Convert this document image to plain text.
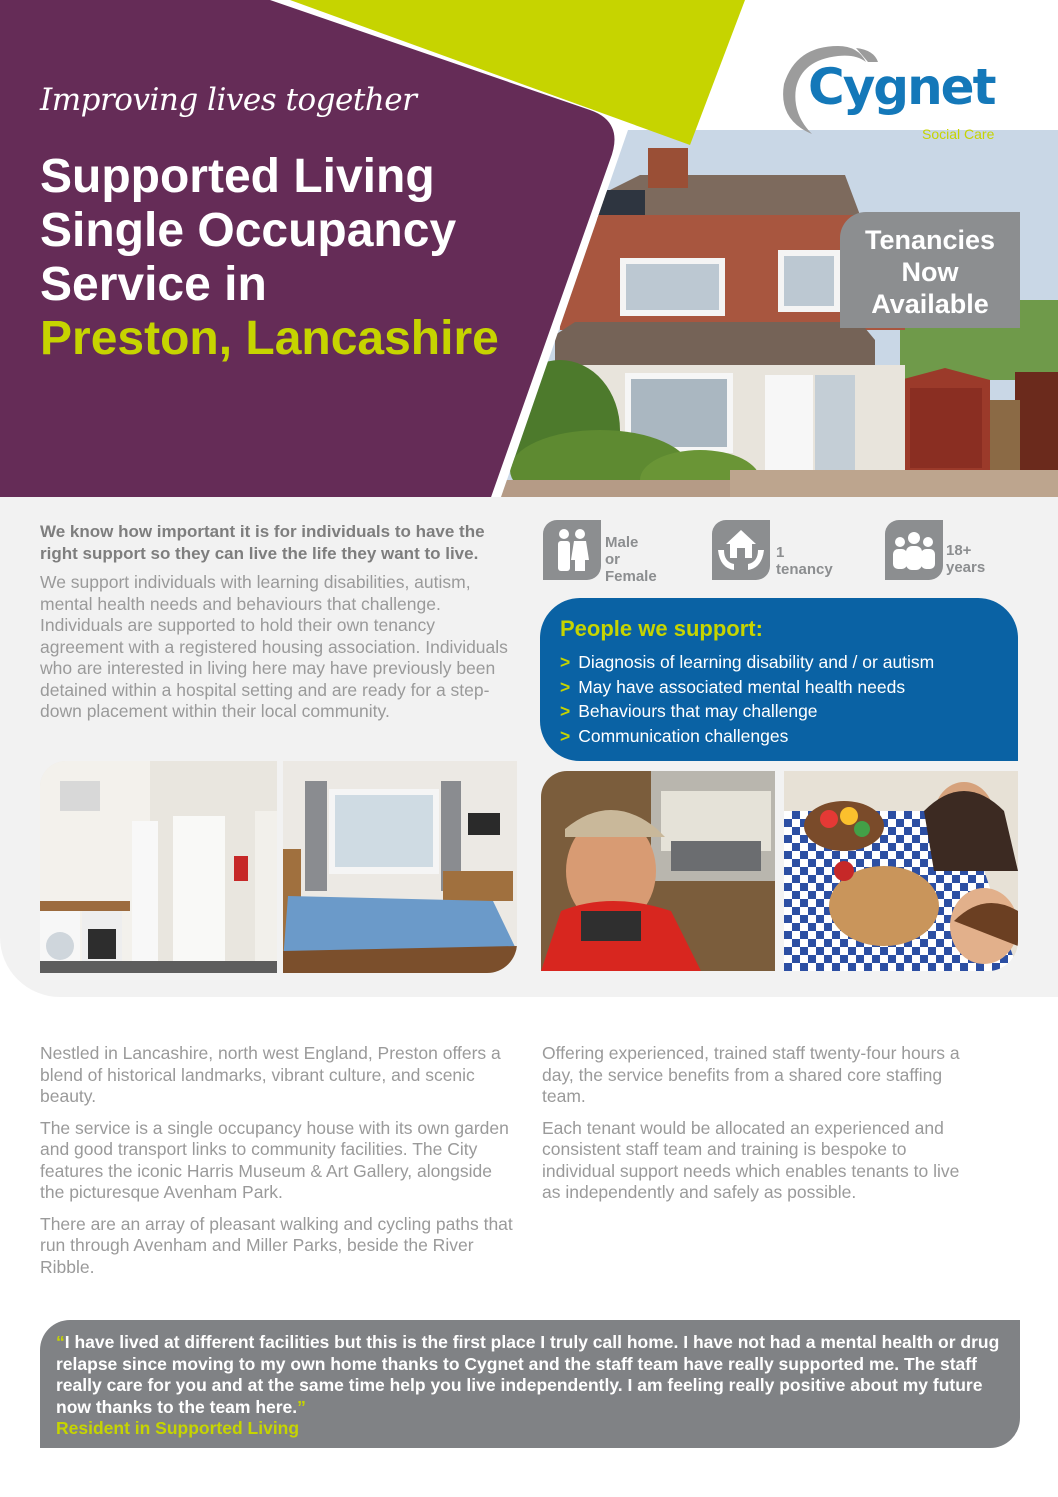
Improving lives together
Supported Living
Single Occupancy
Service in
Preston, Lancashire
Cygnet
Social Care
Tenancies
Now
Available

We know how important it is for individuals to have the right support so they can live the life they want to live.

We support individuals with learning disabilities, autism, mental health needs and behaviours that challenge. Individuals are supported to hold their own tenancy agreement with a registered housing association. Individuals who are interested in living here may have previously been detained within a hospital setting and are ready for a step-down placement within their local community.

Male or
Female
1 tenancy
18+ years
People we support:
> Diagnosis of learning disability and / or autism
> May have associated mental health needs
> Behaviours that may challenge
> Communication challenges

Nestled in Lancashire, north west England, Preston offers a blend of historical landmarks, vibrant culture, and scenic beauty.

The service is a single occupancy house with its own garden and good transport links to community facilities. The City features the iconic Harris Museum & Art Gallery, alongside the picturesque Avenham Park.

There are an array of pleasant walking and cycling paths that run through Avenham and Miller Parks, beside the River Ribble.

Offering experienced, trained staff twenty-four hours a day, the service benefits from a shared core staffing team.

Each tenant would be allocated an experienced and consistent staff team and training is bespoke to individual support needs which enables tenants to live as independently and safely as possible.

“I have lived at different facilities but this is the first place I truly call home. I have not had a mental health or drug relapse since moving to my own home thanks to Cygnet and the staff team have really supported me. The staff really care for you and at the same time help you live independently. I am feeling really positive about my future now thanks to the team here.”
Resident in Supported Living
